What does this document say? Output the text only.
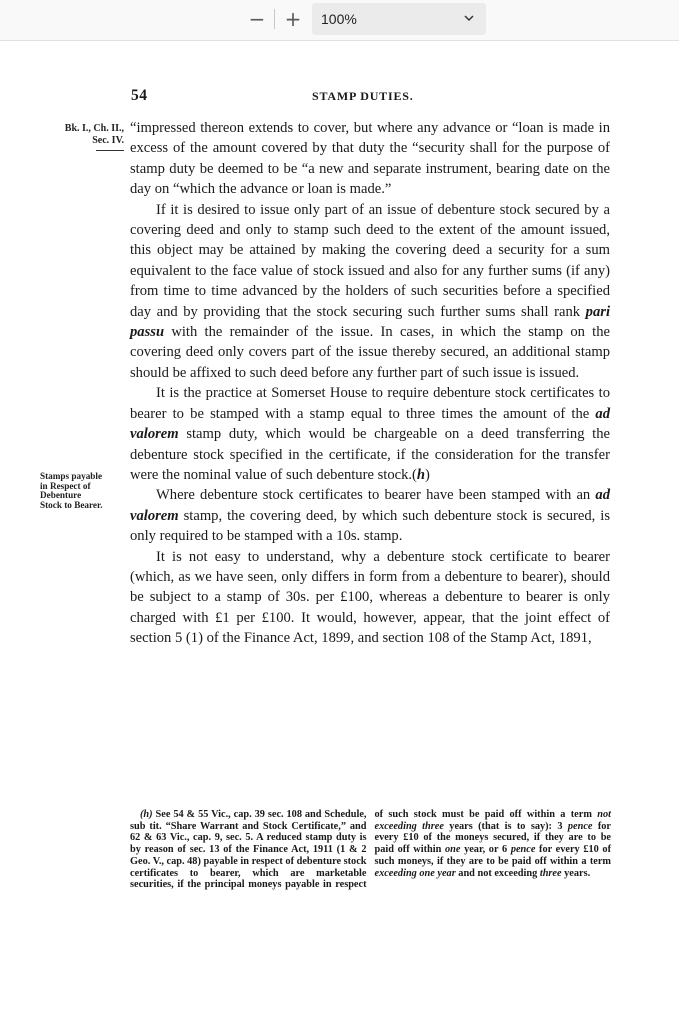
− + 100%
54	STAMP DUTIES.
Bk. I., Ch. II.,
Sec. IV.
Stamps payable
in Respect of
Debenture
Stock to Bearer.

“impressed thereon extends to cover, but where any advance or “loan is made in excess of the amount covered by that duty the “security shall for the purpose of stamp duty be deemed to be “a new and separate instrument, bearing date on the day on “which the advance or loan is made.”

If it is desired to issue only part of an issue of debenture stock secured by a covering deed and only to stamp such deed to the extent of the amount issued, this object may be attained by making the covering deed a security for a sum equivalent to the face value of stock issued and also for any further sums (if any) from time to time advanced by the holders of such securities before a specified day and by providing that the stock securing such further sums shall rank pari passu with the remainder of the issue. In cases, in which the stamp on the covering deed only covers part of the issue thereby secured, an additional stamp should be affixed to such deed before any further part of such issue is issued.

It is the practice at Somerset House to require debenture stock certificates to bearer to be stamped with a stamp equal to three times the amount of the ad valorem stamp duty, which would be chargeable on a deed transferring the debenture stock specified in the certificate, if the consideration for the transfer were the nominal value of such debenture stock.(h)

Where debenture stock certificates to bearer have been stamped with an ad valorem stamp, the covering deed, by which such debenture stock is secured, is only required to be stamped with a 10s. stamp.

It is not easy to understand, why a debenture stock certificate to bearer (which, as we have seen, only differs in form from a debenture to bearer), should be subject to a stamp of 30s. per £100, whereas a debenture to bearer is only charged with £1 per £100. It would, however, appear, that the joint effect of section 5 (1) of the Finance Act, 1899, and section 108 of the Stamp Act, 1891,

(h) See 54 & 55 Vic., cap. 39 sec. 108 and Schedule, sub tit. “Share Warrant and Stock Certificate,” and 62 & 63 Vic., cap. 9, sec. 5. A reduced stamp duty is by reason of sec. 13 of the Finance Act, 1911 (1 & 2 Geo. V., cap. 48) payable in respect of debenture stock certificates to bearer, which are marketable securities, if the principal moneys payable in respect of such stock must be paid off within a term not exceeding three years (that is to say): 3 pence for every £10 of the moneys secured, if they are to be paid off within one year, or 6 pence for every £10 of such moneys, if they are to be paid off within a term exceeding one year and not exceeding three years.
